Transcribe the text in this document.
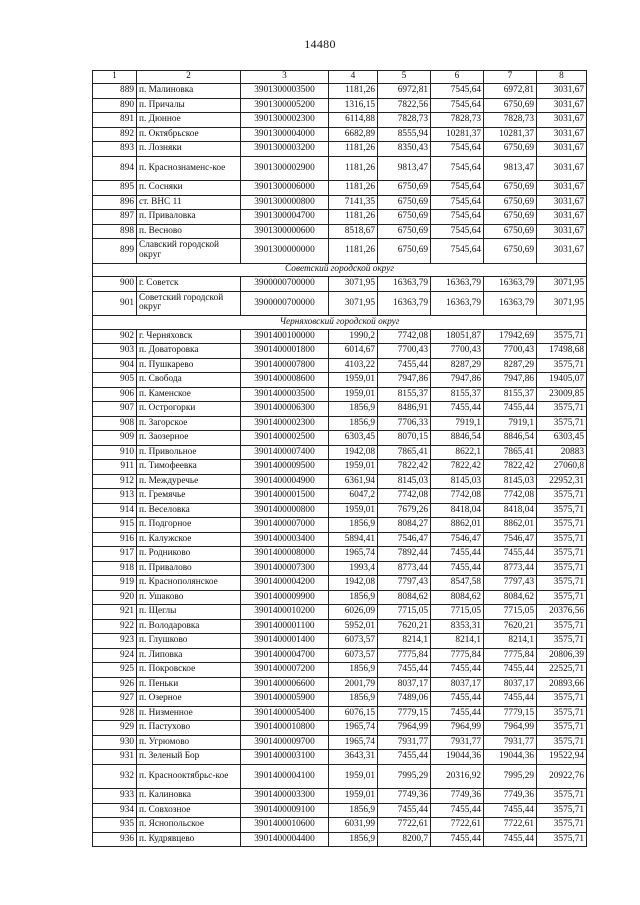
14480
1	2	3	4	5	6	7	8
889	п. Малиновка	3901300003500	1181,26	6972,81	7545,64	6972,81	3031,67
890	п. Причалы	3901300005200	1316,15	7822,56	7545,64	6750,69	3031,67
891	п. Дюнное	3901300002300	6114,88	7828,73	7828,73	7828,73	3031,67
892	п. Октябрьское	3901300004000	6682,89	8555,94	10281,37	10281,37	3031,67
893	п. Лозняки	3901300003200	1181,26	8350,43	7545,64	6750,69	3031,67
894	п. Краснознаменс-кое	3901300002900	1181,26	9813,47	7545,64	9813,47	3031,67
895	п. Сосняки	3901300006000	1181,26	6750,69	7545,64	6750,69	3031,67
896	ст. ВНС 11	3901300000800	7141,35	6750,69	7545,64	6750,69	3031,67
897	п. Приваловка	3901300004700	1181,26	6750,69	7545,64	6750,69	3031,67
898	п. Весново	3901300000600	8518,67	6750,69	7545,64	6750,69	3031,67
899	Славский городской округ	3901300000000	1181,26	6750,69	7545,64	6750,69	3031,67
Советский городской округ							
900	г. Советск	3900000700000	3071,95	16363,79	16363,79	16363,79	3071,95
901	Советский городской округ	3900000700000	3071,95	16363,79	16363,79	16363,79	3071,95
Черняховский городской округ							
902	г. Черняховск	3901400100000	1990,2	7742,08	18051,87	17942,69	3575,71
903	п. Доваторовка	3901400001800	6014,67	7700,43	7700,43	7700,43	17498,68
904	п. Пушкарево	3901400007800	4103,22	7455,44	8287,29	8287,29	3575,71
905	п. Свобода	3901400008600	1959,01	7947,86	7947,86	7947,86	19405,07
906	п. Каменское	3901400003500	1959,01	8155,37	8155,37	8155,37	23009,85
907	п. Острогорки	3901400006300	1856,9	8486,91	7455,44	7455,44	3575,71
908	п. Загорское	3901400002300	1856,9	7706,33	7919,1	7919,1	3575,71
909	п. Заозерное	3901400002500	6303,45	8070,15	8846,54	8846,54	6303,45
910	п. Привольное	3901400007400	1942,08	7865,41	8622,1	7865,41	20883
911	п. Тимофеевка	3901400009500	1959,01	7822,42	7822,42	7822,42	27060,8
912	п. Междуречье	3901400004900	6361,94	8145,03	8145,03	8145,03	22952,31
913	п. Гремячье	3901400001500	6047,2	7742,08	7742,08	7742,08	3575,71
914	п. Веселовка	3901400000800	1959,01	7679,26	8418,04	8418,04	3575,71
915	п. Подгорное	3901400007000	1856,9	8084,27	8862,01	8862,01	3575,71
916	п. Калужское	3901400003400	5894,41	7546,47	7546,47	7546,47	3575,71
917	п. Родниково	3901400008000	1965,74	7892,44	7455,44	7455,44	3575,71
918	п. Привалово	3901400007300	1993,4	8773,44	7455,44	8773,44	3575,71
919	п. Краснополянское	3901400004200	1942,08	7797,43	8547,58	7797,43	3575,71
920	п. Ушаково	3901400009900	1856,9	8084,62	8084,62	8084,62	3575,71
921	п. Щеглы	3901400010200	6026,09	7715,05	7715,05	7715,05	20376,56
922	п. Володаровка	3901400001100	5952,01	7620,21	8353,31	7620,21	3575,71
923	п. Глушково	3901400001400	6073,57	8214,1	8214,1	8214,1	3575,71
924	п. Липовка	3901400004700	6073,57	7775,84	7775,84	7775,84	20806,39
925	п. Покровское	3901400007200	1856,9	7455,44	7455,44	7455,44	22525,71
926	п. Пеньки	3901400006600	2001,79	8037,17	8037,17	8037,17	20893,66
927	п. Озерное	3901400005900	1856,9	7489,06	7455,44	7455,44	3575,71
928	п. Низменное	3901400005400	6076,15	7779,15	7455,44	7779,15	3575,71
929	п. Пастухово	3901400010800	1965,74	7964,99	7964,99	7964,99	3575,71
930	п. Угрюмово	3901400009700	1965,74	7931,77	7931,77	7931,77	3575,71
931	п. Зеленый Бор	3901400003100	3643,31	7455,44	19044,36	19044,36	19522,94
932	п. Краснооктябрьс-кое	3901400004100	1959,01	7995,29	20316,92	7995,29	20922,76
933	п. Калиновка	3901400003300	1959,01	7749,36	7749,36	7749,36	3575,71
934	п. Совхозное	3901400009100	1856,9	7455,44	7455,44	7455,44	3575,71
935	п. Яснопольское	3901400010600	6031,99	7722,61	7722,61	7722,61	3575,71
936	п. Кудрявцево	3901400004400	1856,9	8200,7	7455,44	7455,44	3575,71
